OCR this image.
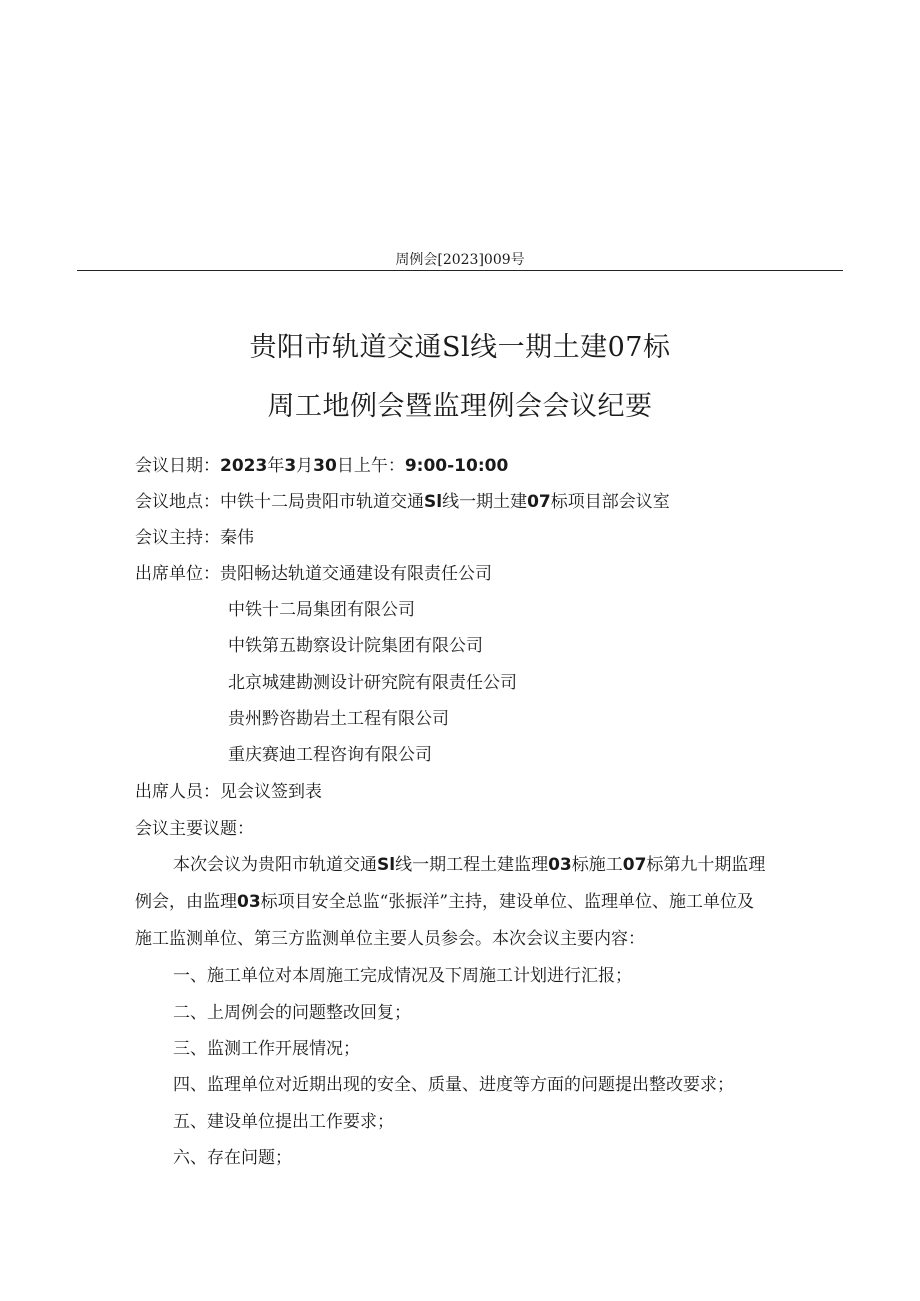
周例会[2023]009号
贵阳市轨道交通Sl线一期土建07标
周工地例会暨监理例会会议纪要
会议日期：2023年3月30日上午：9:00-10:00
会议地点：中铁十二局贵阳市轨道交通Sl线一期土建07标项目部会议室
会议主持：秦伟
出席单位：贵阳畅达轨道交通建设有限责任公司
中铁十二局集团有限公司
中铁第五勘察设计院集团有限公司
北京城建勘测设计研究院有限责任公司
贵州黔咨勘岩土工程有限公司
重庆赛迪工程咨询有限公司
出席人员：见会议签到表
会议主要议题：
本次会议为贵阳市轨道交通Sl线一期工程土建监理03标施工07标第九十期监理
例会，由监理03标项目安全总监“张振洋”主持，建设单位、监理单位、施工单位及
施工监测单位、第三方监测单位主要人员参会。本次会议主要内容：
一、施工单位对本周施工完成情况及下周施工计划进行汇报；
二、上周例会的问题整改回复；
三、监测工作开展情况；
四、监理单位对近期出现的安全、质量、进度等方面的问题提出整改要求；
五、建设单位提出工作要求；
六、存在问题；
